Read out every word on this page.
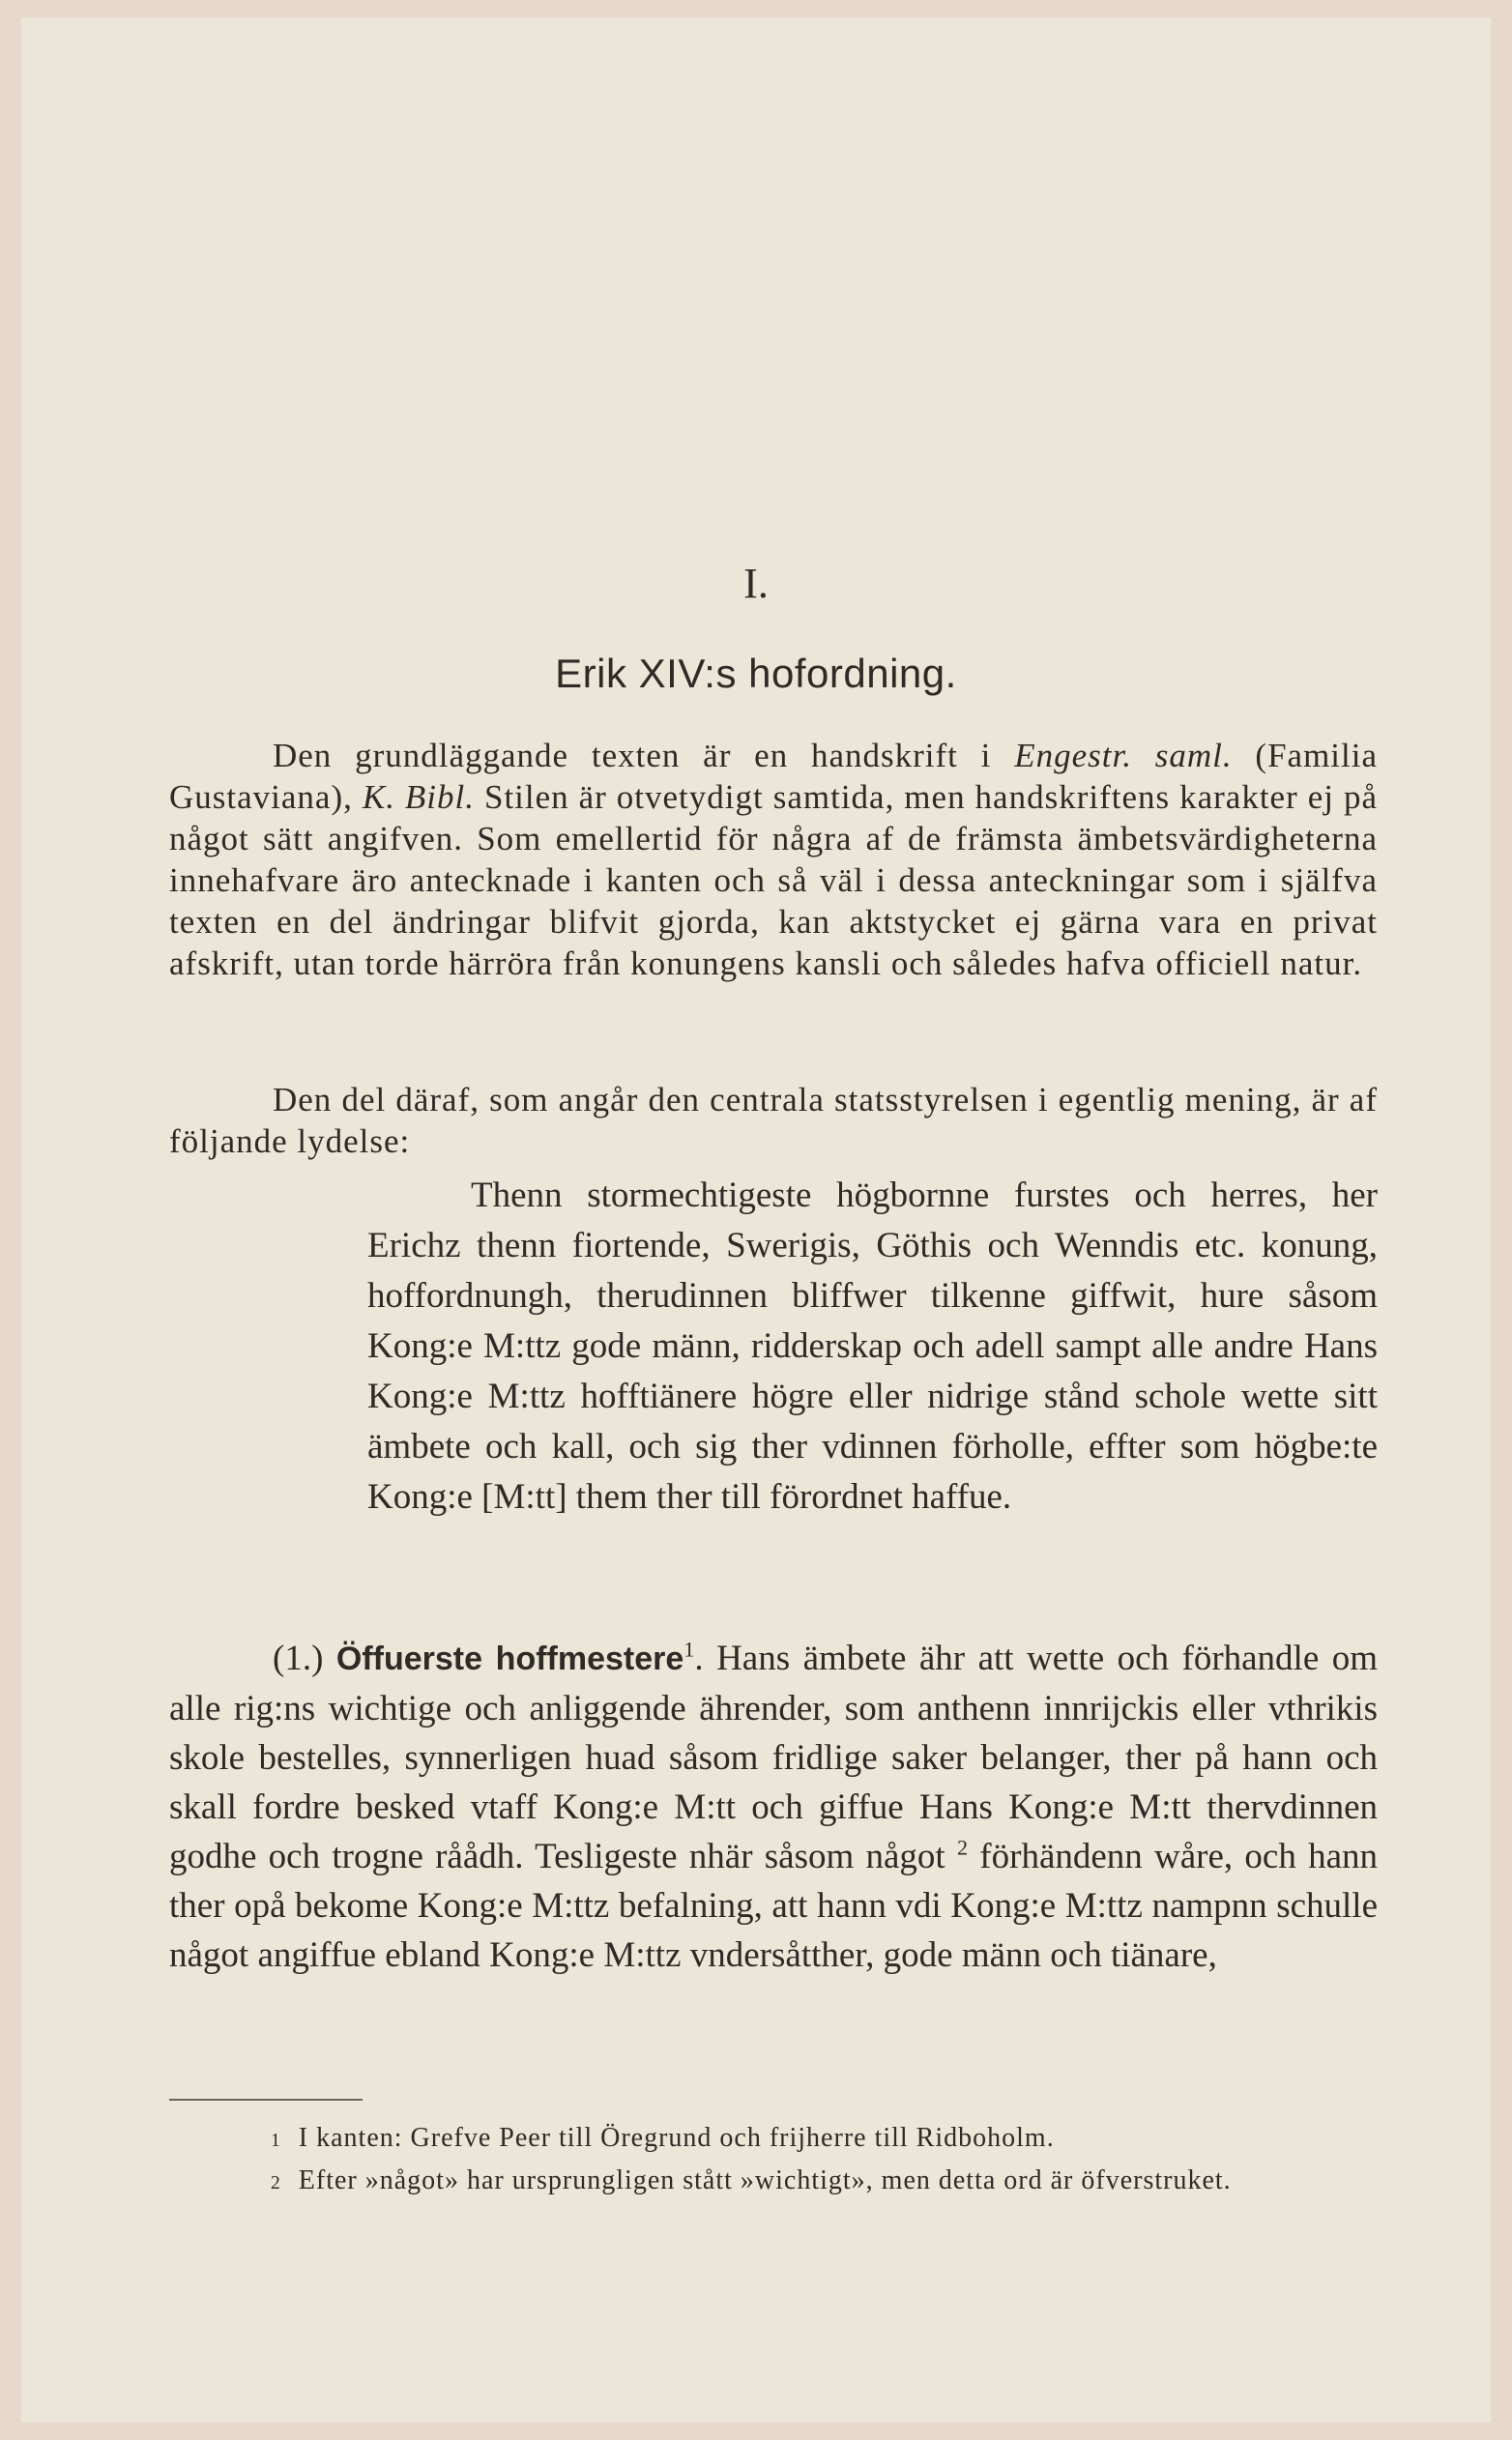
I.
Erik XIV:s hofordning.
Den grundläggande texten är en handskrift i Engestr. saml. (Familia Gustaviana), K. Bibl. Stilen är otvetydigt samtida, men handskriftens karakter ej på något sätt angifven. Som emellertid för några af de främsta ämbetsvärdigheterna innehafvare äro antecknade i kanten och så väl i dessa anteckningar som i själfva texten en del ändringar blifvit gjorda, kan aktstycket ej gärna vara en privat afskrift, utan torde härröra från konungens kansli och således hafva officiell natur.
Den del däraf, som angår den centrala statsstyrelsen i egentlig mening, är af följande lydelse:
Thenn stormechtigeste högbornne furstes och herres, her Erichz thenn fiortende, Swerigis, Göthis och Wenndis etc. konung, hoffordnungh, therudinnen bliffwer tilkenne giffwit, hure såsom Kong:e M:ttz gode männ, ridderskap och adell sampt alle andre Hans Kong:e M:ttz hofftiänere högre eller nidrige stånd schole wette sitt ämbete och kall, och sig ther vdinnen förholle, effter som högbe:te Kong:e [M:tt] them ther till förordnet haffue.
(1.) Öffuerste hoffmestere$^1$. Hans ämbete ähr att wette och förhandle om alle rig:ns wichtige och anliggende ährender, som anthenn innrijckis eller vthrikis skole bestelles, synnerligen huad såsom fridlige saker belanger, ther på hann och skall fordre besked vtaff Kong:e M:tt och giffue Hans Kong:e M:tt thervdinnen godhe och trogne råådh. Tesligeste nhär såsom något $^2$ förhändenn wåre, och hann ther opå bekome Kong:e M:ttz befalning, att hann vdi Kong:e M:ttz nampnn schulle något angiffue ebland Kong:e M:ttz vndersåtther, gode männ och tiänare,
1 I kanten: Grefve Peer till Öregrund och frijherre till Ridboholm.
2 Efter »något» har ursprungligen stått »wichtigt», men detta ord är öfverstruket.
